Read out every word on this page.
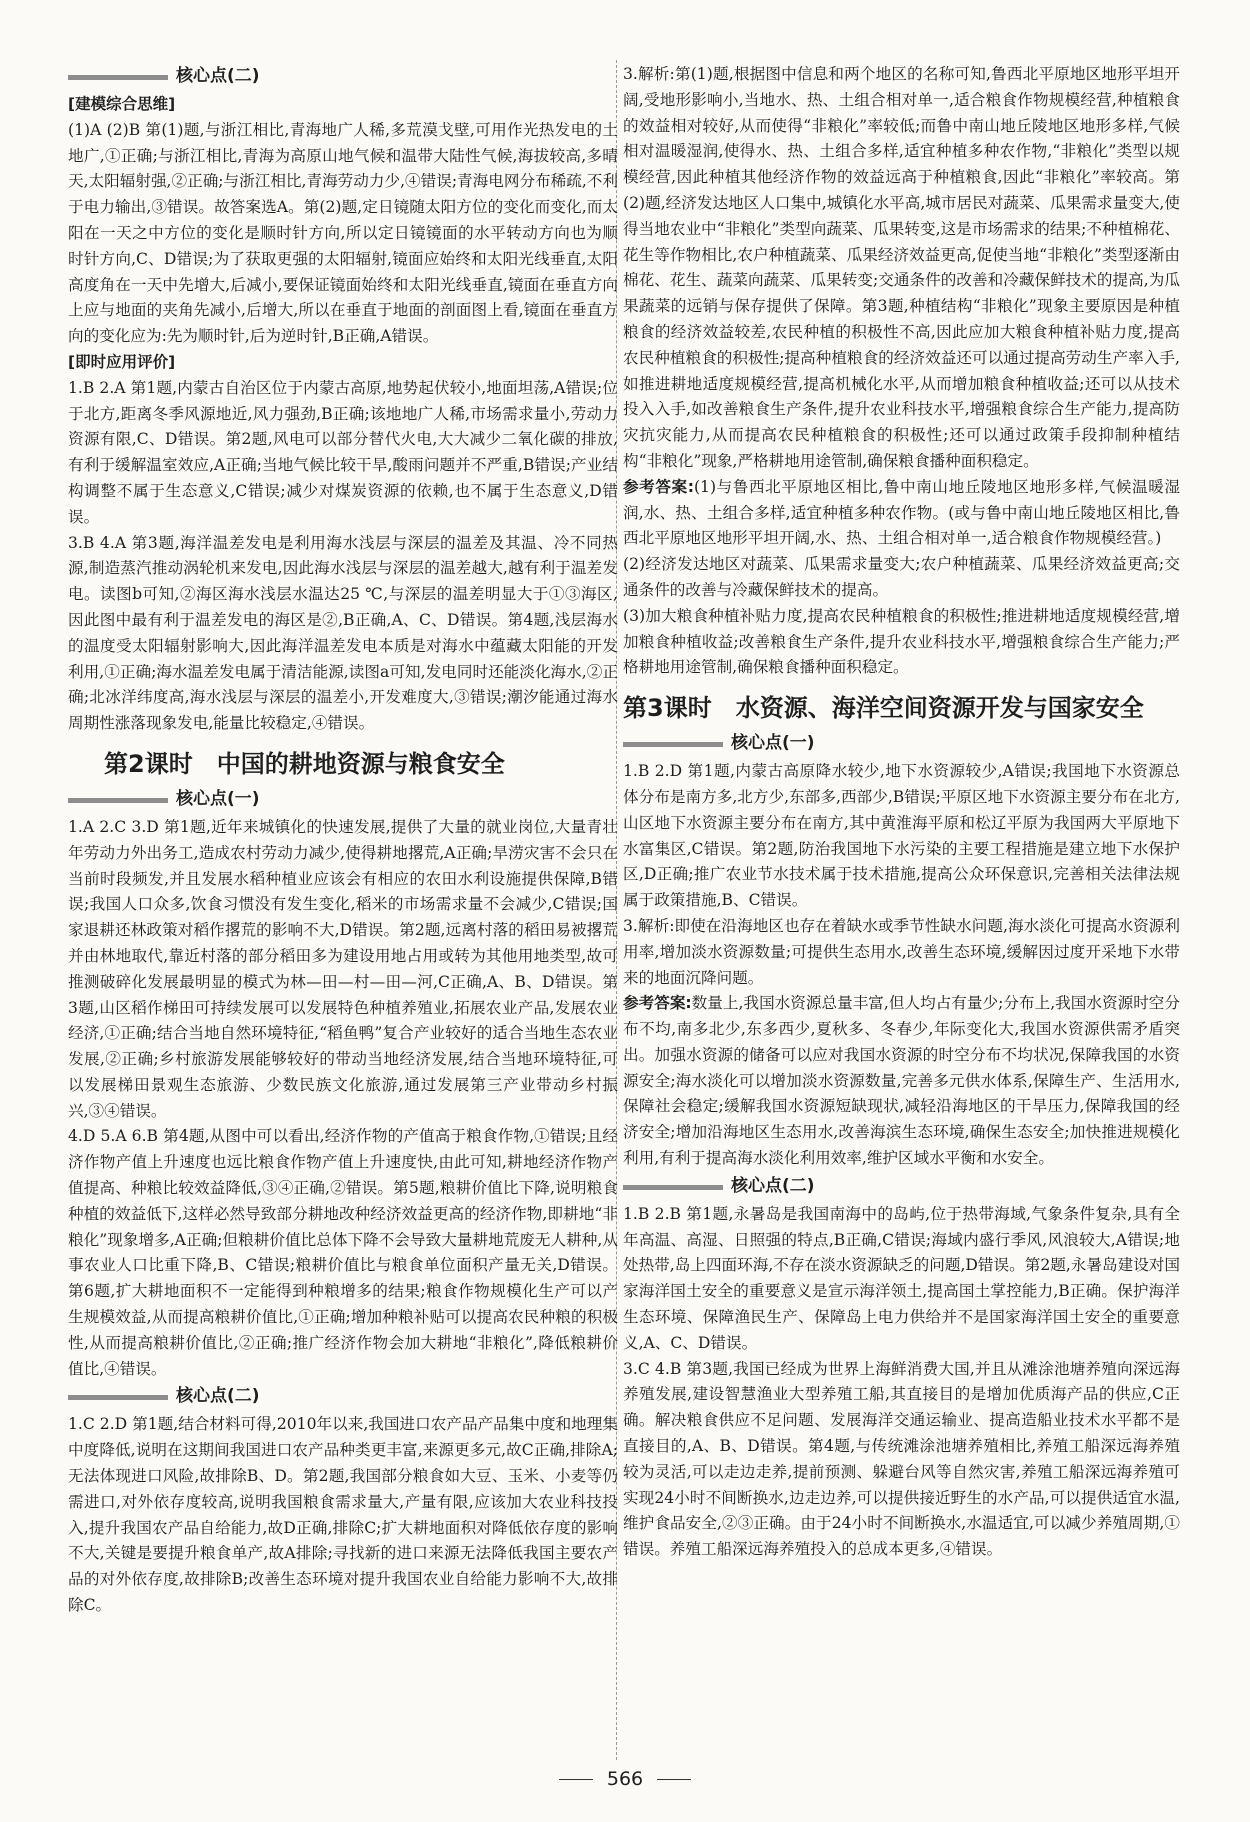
核心点(二)
[建模综合思维]

(1)A (2)B 第(1)题,与浙江相比,青海地广人稀,多荒漠戈壁,可用作光热发电的土地广,①正确;与浙江相比,青海为高原山地气候和温带大陆性气候,海拔较高,多晴天,太阳辐射强,②正确;与浙江相比,青海劳动力少,④错误;青海电网分布稀疏,不利于电力输出,③错误。故答案选A。第(2)题,定日镜随太阳方位的变化而变化,而太阳在一天之中方位的变化是顺时针方向,所以定日镜镜面的水平转动方向也为顺时针方向,C、D错误;为了获取更强的太阳辐射,镜面应始终和太阳光线垂直,太阳高度角在一天中先增大,后减小,要保证镜面始终和太阳光线垂直,镜面在垂直方向上应与地面的夹角先减小,后增大,所以在垂直于地面的剖面图上看,镜面在垂直方向的变化应为:先为顺时针,后为逆时针,B正确,A错误。

[即时应用评价]

1.B 2.A 第1题,内蒙古自治区位于内蒙古高原,地势起伏较小,地面坦荡,A错误;位于北方,距离冬季风源地近,风力强劲,B正确;该地地广人稀,市场需求量小,劳动力资源有限,C、D错误。第2题,风电可以部分替代火电,大大减少二氧化碳的排放,有利于缓解温室效应,A正确;当地气候比较干旱,酸雨问题并不严重,B错误;产业结构调整不属于生态意义,C错误;减少对煤炭资源的依赖,也不属于生态意义,D错误。

3.B 4.A 第3题,海洋温差发电是利用海水浅层与深层的温差及其温、冷不同热源,制造蒸汽推动涡轮机来发电,因此海水浅层与深层的温差越大,越有利于温差发电。读图b可知,②海区海水浅层水温达25 ℃,与深层的温差明显大于①③海区,因此图中最有利于温差发电的海区是②,B正确,A、C、D错误。第4题,浅层海水的温度受太阳辐射影响大,因此海洋温差发电本质是对海水中蕴藏太阳能的开发利用,①正确;海水温差发电属于清洁能源,读图a可知,发电同时还能淡化海水,②正确;北冰洋纬度高,海水浅层与深层的温差小,开发难度大,③错误;潮汐能通过海水周期性涨落现象发电,能量比较稳定,④错误。

第2课时　中国的耕地资源与粮食安全
核心点(一)

1.A 2.C 3.D 第1题,近年来城镇化的快速发展,提供了大量的就业岗位,大量青壮年劳动力外出务工,造成农村劳动力减少,使得耕地撂荒,A正确;旱涝灾害不会只在当前时段频发,并且发展水稻种植业应该会有相应的农田水利设施提供保障,B错误;我国人口众多,饮食习惯没有发生变化,稻米的市场需求量不会减少,C错误;国家退耕还林政策对稻作撂荒的影响不大,D错误。第2题,远离村落的稻田易被撂荒并由林地取代,靠近村落的部分稻田多为建设用地占用或转为其他用地类型,故可推测破碎化发展最明显的模式为林—田—村—田—河,C正确,A、B、D错误。第3题,山区稻作梯田可持续发展可以发展特色种植养殖业,拓展农业产品,发展农业经济,①正确;结合当地自然环境特征,“稻鱼鸭”复合产业较好的适合当地生态农业发展,②正确;乡村旅游发展能够较好的带动当地经济发展,结合当地环境特征,可以发展梯田景观生态旅游、少数民族文化旅游,通过发展第三产业带动乡村振兴,③④错误。

4.D 5.A 6.B 第4题,从图中可以看出,经济作物的产值高于粮食作物,①错误;且经济作物产值上升速度也远比粮食作物产值上升速度快,由此可知,耕地经济作物产值提高、种粮比较效益降低,③④正确,②错误。第5题,粮耕价值比下降,说明粮食种植的效益低下,这样必然导致部分耕地改种经济效益更高的经济作物,即耕地“非粮化”现象增多,A正确;但粮耕价值比总体下降不会导致大量耕地荒废无人耕种,从事农业人口比重下降,B、C错误;粮耕价值比与粮食单位面积产量无关,D错误。第6题,扩大耕地面积不一定能得到种粮增多的结果;粮食作物规模化生产可以产生规模效益,从而提高粮耕价值比,①正确;增加种粮补贴可以提高农民种粮的积极性,从而提高粮耕价值比,②正确;推广经济作物会加大耕地“非粮化”,降低粮耕价值比,④错误。

核心点(二)

1.C 2.D 第1题,结合材料可得,2010年以来,我国进口农产品产品集中度和地理集中度降低,说明在这期间我国进口农产品种类更丰富,来源更多元,故C正确,排除A;无法体现进口风险,故排除B、D。第2题,我国部分粮食如大豆、玉米、小麦等仍需进口,对外依存度较高,说明我国粮食需求量大,产量有限,应该加大农业科技投入,提升我国农产品自给能力,故D正确,排除C;扩大耕地面积对降低依存度的影响不大,关键是要提升粮食单产,故A排除;寻找新的进口来源无法降低我国主要农产品的对外依存度,故排除B;改善生态环境对提升我国农业自给能力影响不大,故排除C。

3.解析:第(1)题,根据图中信息和两个地区的名称可知,鲁西北平原地区地形平坦开阔,受地形影响小,当地水、热、土组合相对单一,适合粮食作物规模经营,种植粮食的效益相对较好,从而使得“非粮化”率较低;而鲁中南山地丘陵地区地形多样,气候相对温暖湿润,使得水、热、土组合多样,适宜种植多种农作物,“非粮化”类型以规模经营,因此种植其他经济作物的效益远高于种植粮食,因此“非粮化”率较高。第(2)题,经济发达地区人口集中,城镇化水平高,城市居民对蔬菜、瓜果需求量变大,使得当地农业中“非粮化”类型向蔬菜、瓜果转变,这是市场需求的结果;不种植棉花、花生等作物相比,农户种植蔬菜、瓜果经济效益更高,促使当地“非粮化”类型逐渐由棉花、花生、蔬菜向蔬菜、瓜果转变;交通条件的改善和冷藏保鲜技术的提高,为瓜果蔬菜的远销与保存提供了保障。第3题,种植结构“非粮化”现象主要原因是种植粮食的经济效益较差,农民种植的积极性不高,因此应加大粮食种植补贴力度,提高农民种植粮食的积极性;提高种植粮食的经济效益还可以通过提高劳动生产率入手,如推进耕地适度规模经营,提高机械化水平,从而增加粮食种植收益;还可以从技术投入入手,如改善粮食生产条件,提升农业科技水平,增强粮食综合生产能力,提高防灾抗灾能力,从而提高农民种植粮食的积极性;还可以通过政策手段抑制种植结构“非粮化”现象,严格耕地用途管制,确保粮食播种面积稳定。

参考答案:(1)与鲁西北平原地区相比,鲁中南山地丘陵地区地形多样,气候温暖湿润,水、热、土组合多样,适宜种植多种农作物。(或与鲁中南山地丘陵地区相比,鲁西北平原地区地形平坦开阔,水、热、土组合相对单一,适合粮食作物规模经营。)

(2)经济发达地区对蔬菜、瓜果需求量变大;农户种植蔬菜、瓜果经济效益更高;交通条件的改善与冷藏保鲜技术的提高。

(3)加大粮食种植补贴力度,提高农民种植粮食的积极性;推进耕地适度规模经营,增加粮食种植收益;改善粮食生产条件,提升农业科技水平,增强粮食综合生产能力;严格耕地用途管制,确保粮食播种面积稳定。

第3课时　水资源、海洋空间资源开发与国家安全
核心点(一)

1.B 2.D 第1题,内蒙古高原降水较少,地下水资源较少,A错误;我国地下水资源总体分布是南方多,北方少,东部多,西部少,B错误;平原区地下水资源主要分布在北方,山区地下水资源主要分布在南方,其中黄淮海平原和松辽平原为我国两大平原地下水富集区,C错误。第2题,防治我国地下水污染的主要工程措施是建立地下水保护区,D正确;推广农业节水技术属于技术措施,提高公众环保意识,完善相关法律法规属于政策措施,B、C错误。

3.解析:即使在沿海地区也存在着缺水或季节性缺水问题,海水淡化可提高水资源利用率,增加淡水资源数量;可提供生态用水,改善生态环境,缓解因过度开采地下水带来的地面沉降问题。

参考答案:数量上,我国水资源总量丰富,但人均占有量少;分布上,我国水资源时空分布不均,南多北少,东多西少,夏秋多、冬春少,年际变化大,我国水资源供需矛盾突出。加强水资源的储备可以应对我国水资源的时空分布不均状况,保障我国的水资源安全;海水淡化可以增加淡水资源数量,完善多元供水体系,保障生产、生活用水,保障社会稳定;缓解我国水资源短缺现状,减轻沿海地区的干旱压力,保障我国的经济安全;增加沿海地区生态用水,改善海滨生态环境,确保生态安全;加快推进规模化利用,有利于提高海水淡化利用效率,维护区域水平衡和水安全。

核心点(二)

1.B 2.B 第1题,永暑岛是我国南海中的岛屿,位于热带海域,气象条件复杂,具有全年高温、高湿、日照强的特点,B正确,C错误;海域内盛行季风,风浪较大,A错误;地处热带,岛上四面环海,不存在淡水资源缺乏的问题,D错误。第2题,永暑岛建设对国家海洋国土安全的重要意义是宣示海洋领土,提高国土掌控能力,B正确。保护海洋生态环境、保障渔民生产、保障岛上电力供给并不是国家海洋国土安全的重要意义,A、C、D错误。

3.C 4.B 第3题,我国已经成为世界上海鲜消费大国,并且从滩涂池塘养殖向深远海养殖发展,建设智慧渔业大型养殖工船,其直接目的是增加优质海产品的供应,C正确。解决粮食供应不足问题、发展海洋交通运输业、提高造船业技术水平都不是直接目的,A、B、D错误。第4题,与传统滩涂池塘养殖相比,养殖工船深远海养殖较为灵活,可以走边走养,提前预测、躲避台风等自然灾害,养殖工船深远海养殖可实现24小时不间断换水,边走边养,可以提供接近野生的水产品,可以提供适宜水温,维护食品安全,②③正确。由于24小时不间断换水,水温适宜,可以减少养殖周期,①错误。养殖工船深远海养殖投入的总成本更多,④错误。

566
